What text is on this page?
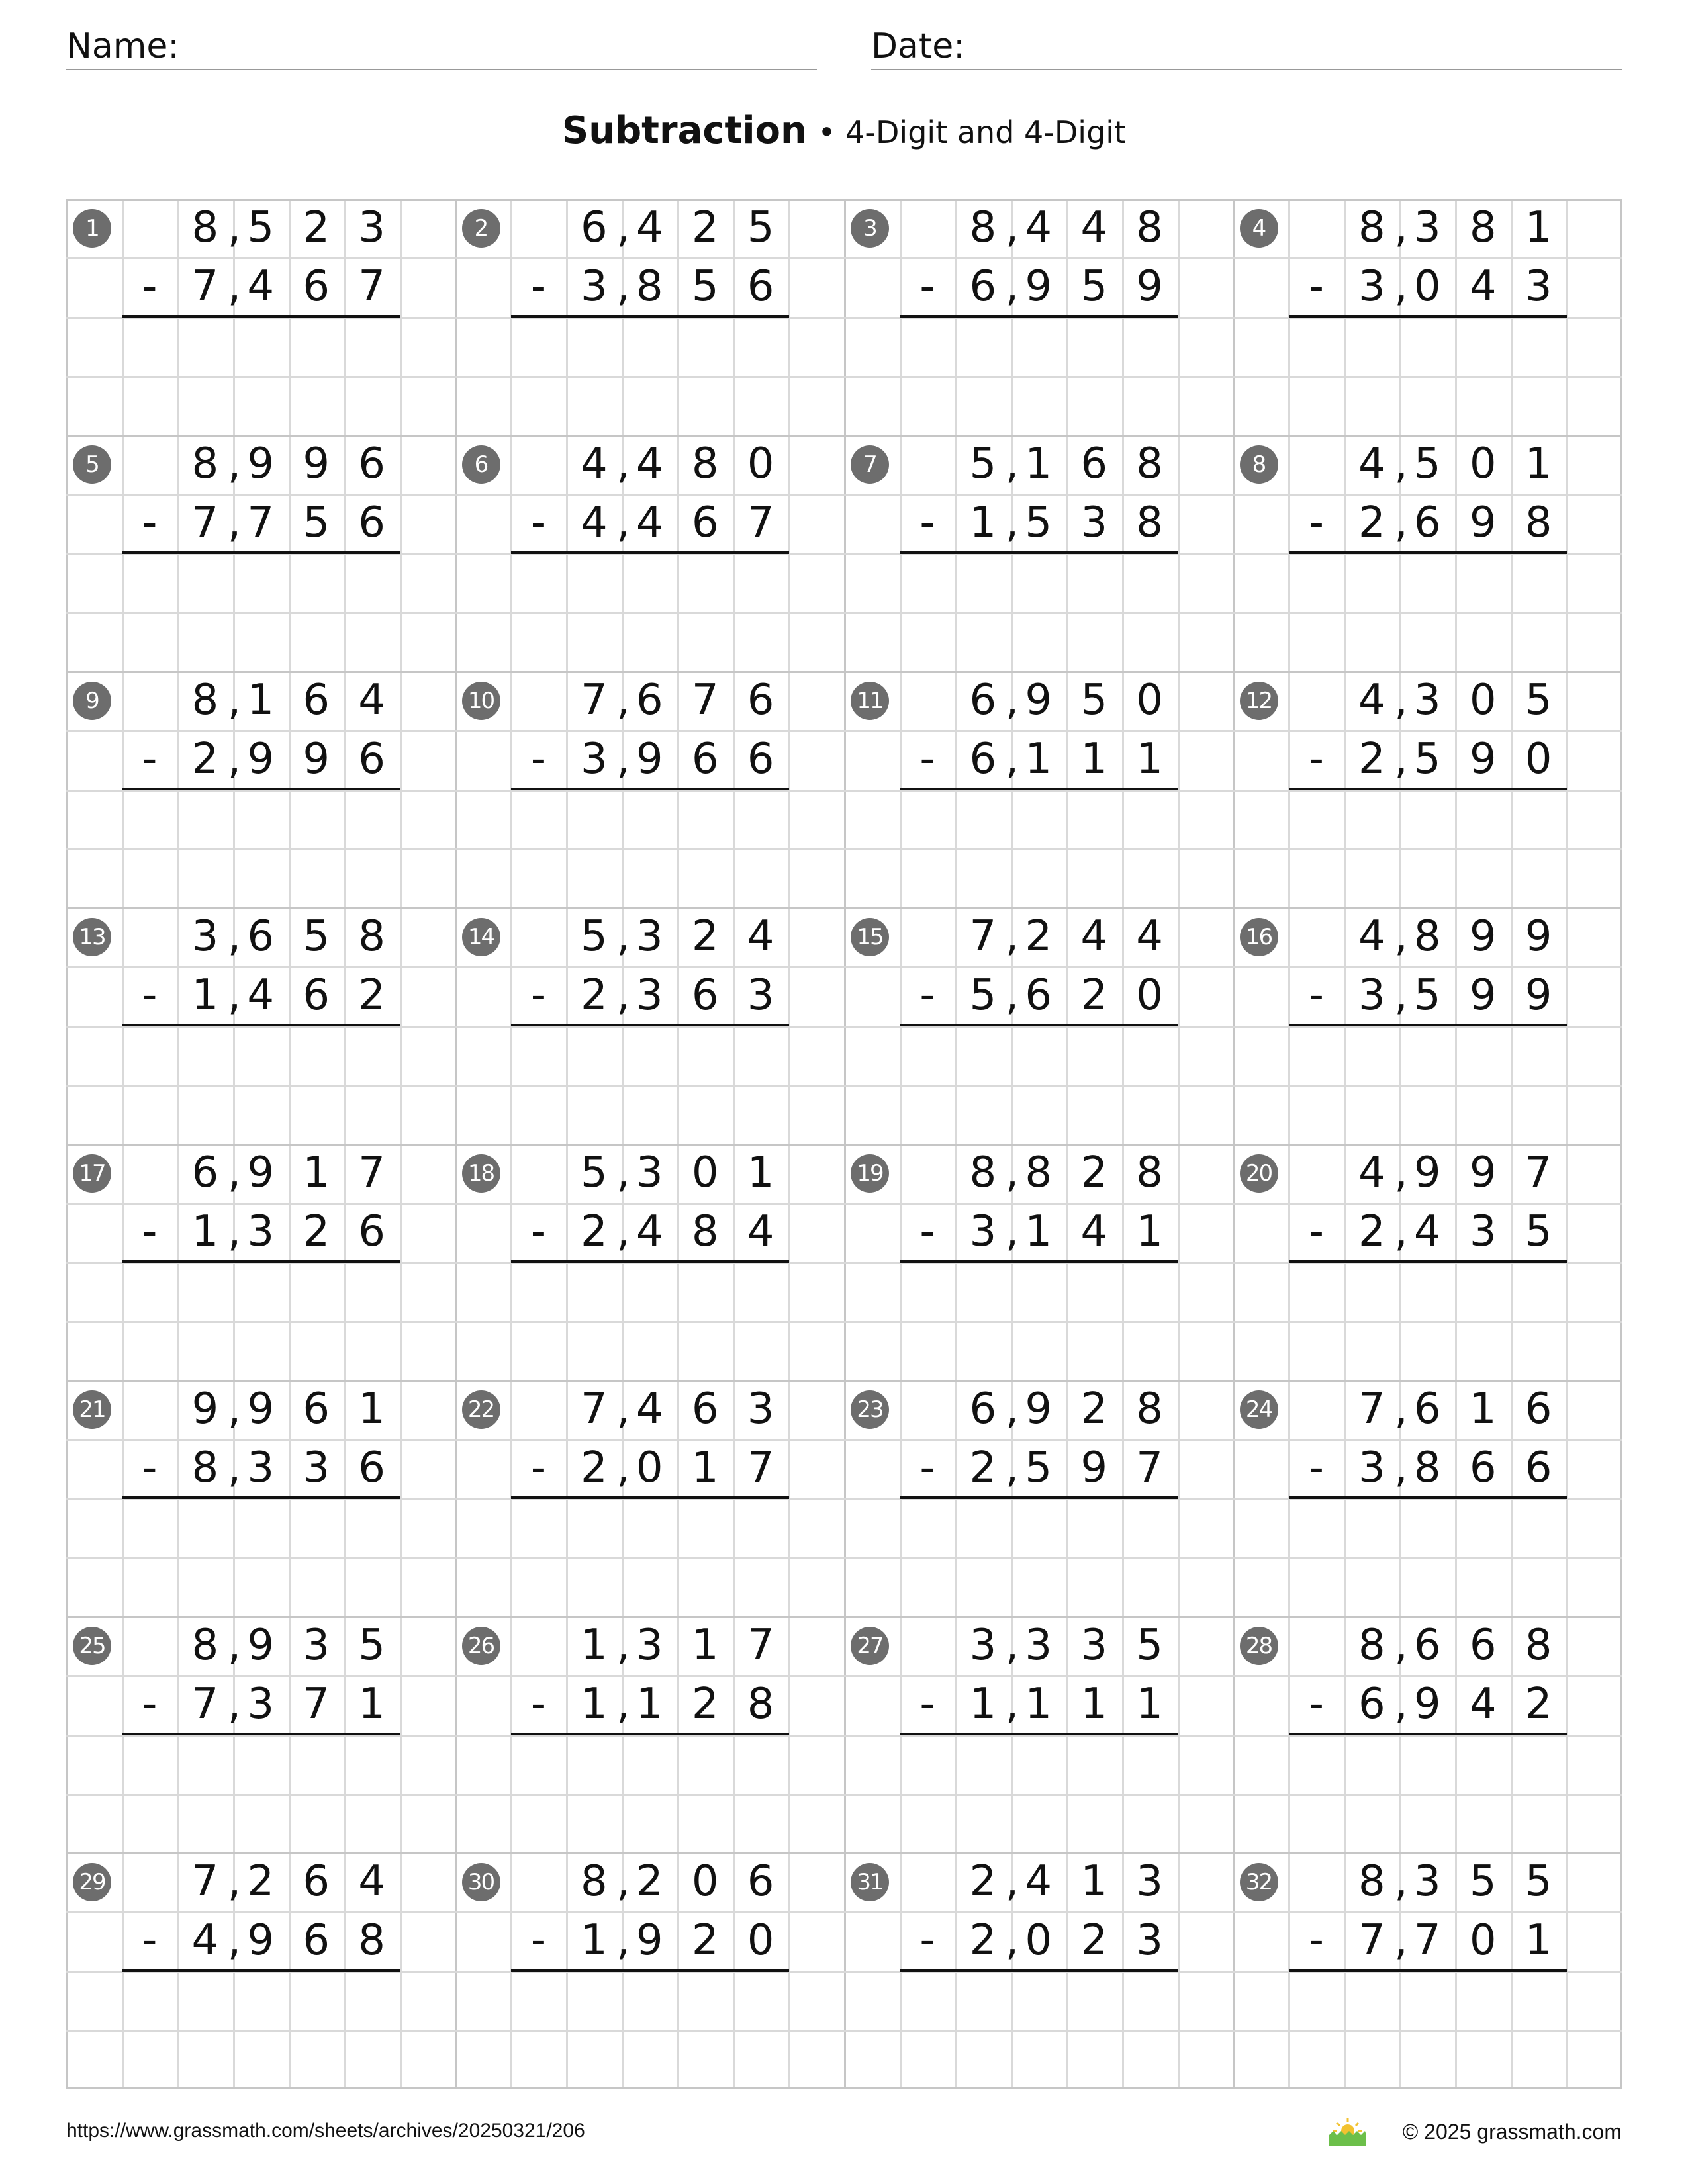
Name:	Date:
Subtraction • 4-Digit and 4-Digit
1	8 5 2 3
,
7 4 6 7
,
-
2	6 4 2 5
,
3 8 5 6
,
-
3	8 4 4 8
,
6 9 5 9
,
-
4	8 3 8 1
,
3 0 4 3
,
-
5	8 9 9 6
,
7 7 5 6
,
-
6	4 4 8 0
,
4 4 6 7
,
-
7	5 1 6 8
,
1 5 3 8
,
-
8	4 5 0 1
,
2 6 9 8
,
-
9	8 1 6 4
,
2 9 9 6
,
-
10	7 6 7 6
,
3 9 6 6
,
-
11	6 9 5 0
,
6 1 1 1
,
-
12	4 3 0 5
,
2 5 9 0
,
-
13	3 6 5 8
,
1 4 6 2
,
-
14	5 3 2 4
,
2 3 6 3
,
-
15	7 2 4 4
,
5 6 2 0
,
-
16	4 8 9 9
,
3 5 9 9
,
-
17	6 9 1 7
,
1 3 2 6
,
-
18	5 3 0 1
,
2 4 8 4
,
-
19	8 8 2 8
,
3 1 4 1
,
-
20	4 9 9 7
,
2 4 3 5
,
-
21	9 9 6 1
,
8 3 3 6
,
-
22	7 4 6 3
,
2 0 1 7
,
-
23	6 9 2 8
,
2 5 9 7
,
-
24	7 6 1 6
,
3 8 6 6
,
-
25	8 9 3 5
,
7 3 7 1
,
-
26	1 3 1 7
,
1 1 2 8
,
-
27	3 3 3 5
,
1 1 1 1
,
-
28	8 6 6 8
,
6 9 4 2
,
-
29	7 2 6 4
,
4 9 6 8
,
-
30	8 2 0 6
,
1 9 2 0
,
-
31	2 4 1 3
,
2 0 2 3
,
-
32	8 3 5 5
,
7 7 0 1
,
-
https://www.grassmath.com/sheets/archives/20250321/206	© 2025 grassmath.com
